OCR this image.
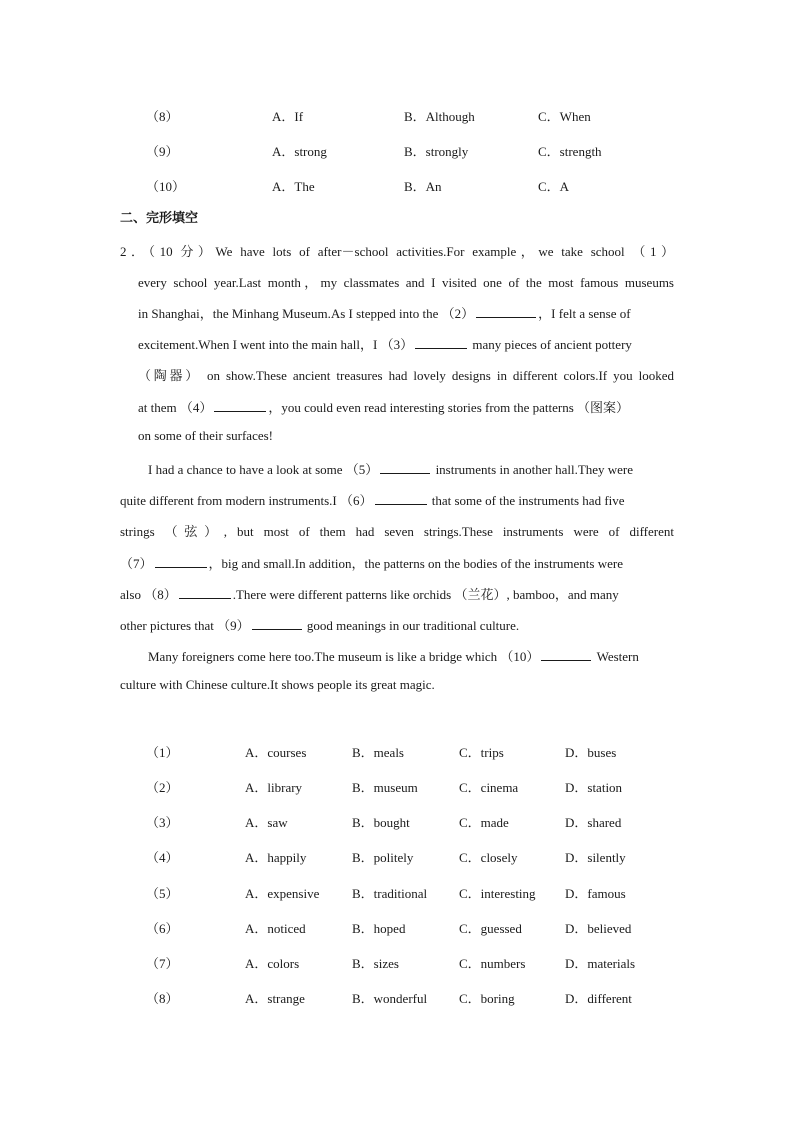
（8）	A．If	B．Although	C．When
（9）	A．strong	B．strongly	C．strength
（10）	A．The	B．An	C．A
二、完形填空
2．（10 分）We have lots of after－school activities.For example，we take school （1）
every school year.Last month，my classmates and I visited one of the most famous museums
in Shanghai，the Minhang Museum.As I stepped into the （2）	，I felt a sense of
excitement.When I went into the main hall，I （3）	many pieces of ancient pottery
（陶器） on show.These ancient treasures had lovely designs in different colors.If you looked
at them （4）	，you could even read interesting stories from the patterns （图案）
on some of their surfaces!
I had a chance to have a look at some （5）	instruments in another hall.They were
quite different from modern instruments.I （6）	that some of the instruments had five
strings （弦）, but most of them had seven strings.These instruments were of different
（7）	，big and small.In addition，the patterns on the bodies of the instruments were
also （8）	.There were different patterns like orchids （兰花）, bamboo，and many
other pictures that （9）	good meanings in our traditional culture.
Many foreigners come here too.The museum is like a bridge which （10）	Western
culture with Chinese culture.It shows people its great magic.
（1）	A．courses	B．meals	C．trips	D．buses
（2）	A．library	B．museum	C．cinema	D．station
（3）	A．saw	B．bought	C．made	D．shared
（4）	A．happily	B．politely	C．closely	D．silently
（5）	A．expensive	B．traditional C．interesting D．famous
（6）	A．noticed	B．hoped	C．guessed	D．believed
（7）	A．colors	B．sizes	C．numbers	D．materials
（8）	A．strange	B．wonderful C．boring	D．different
